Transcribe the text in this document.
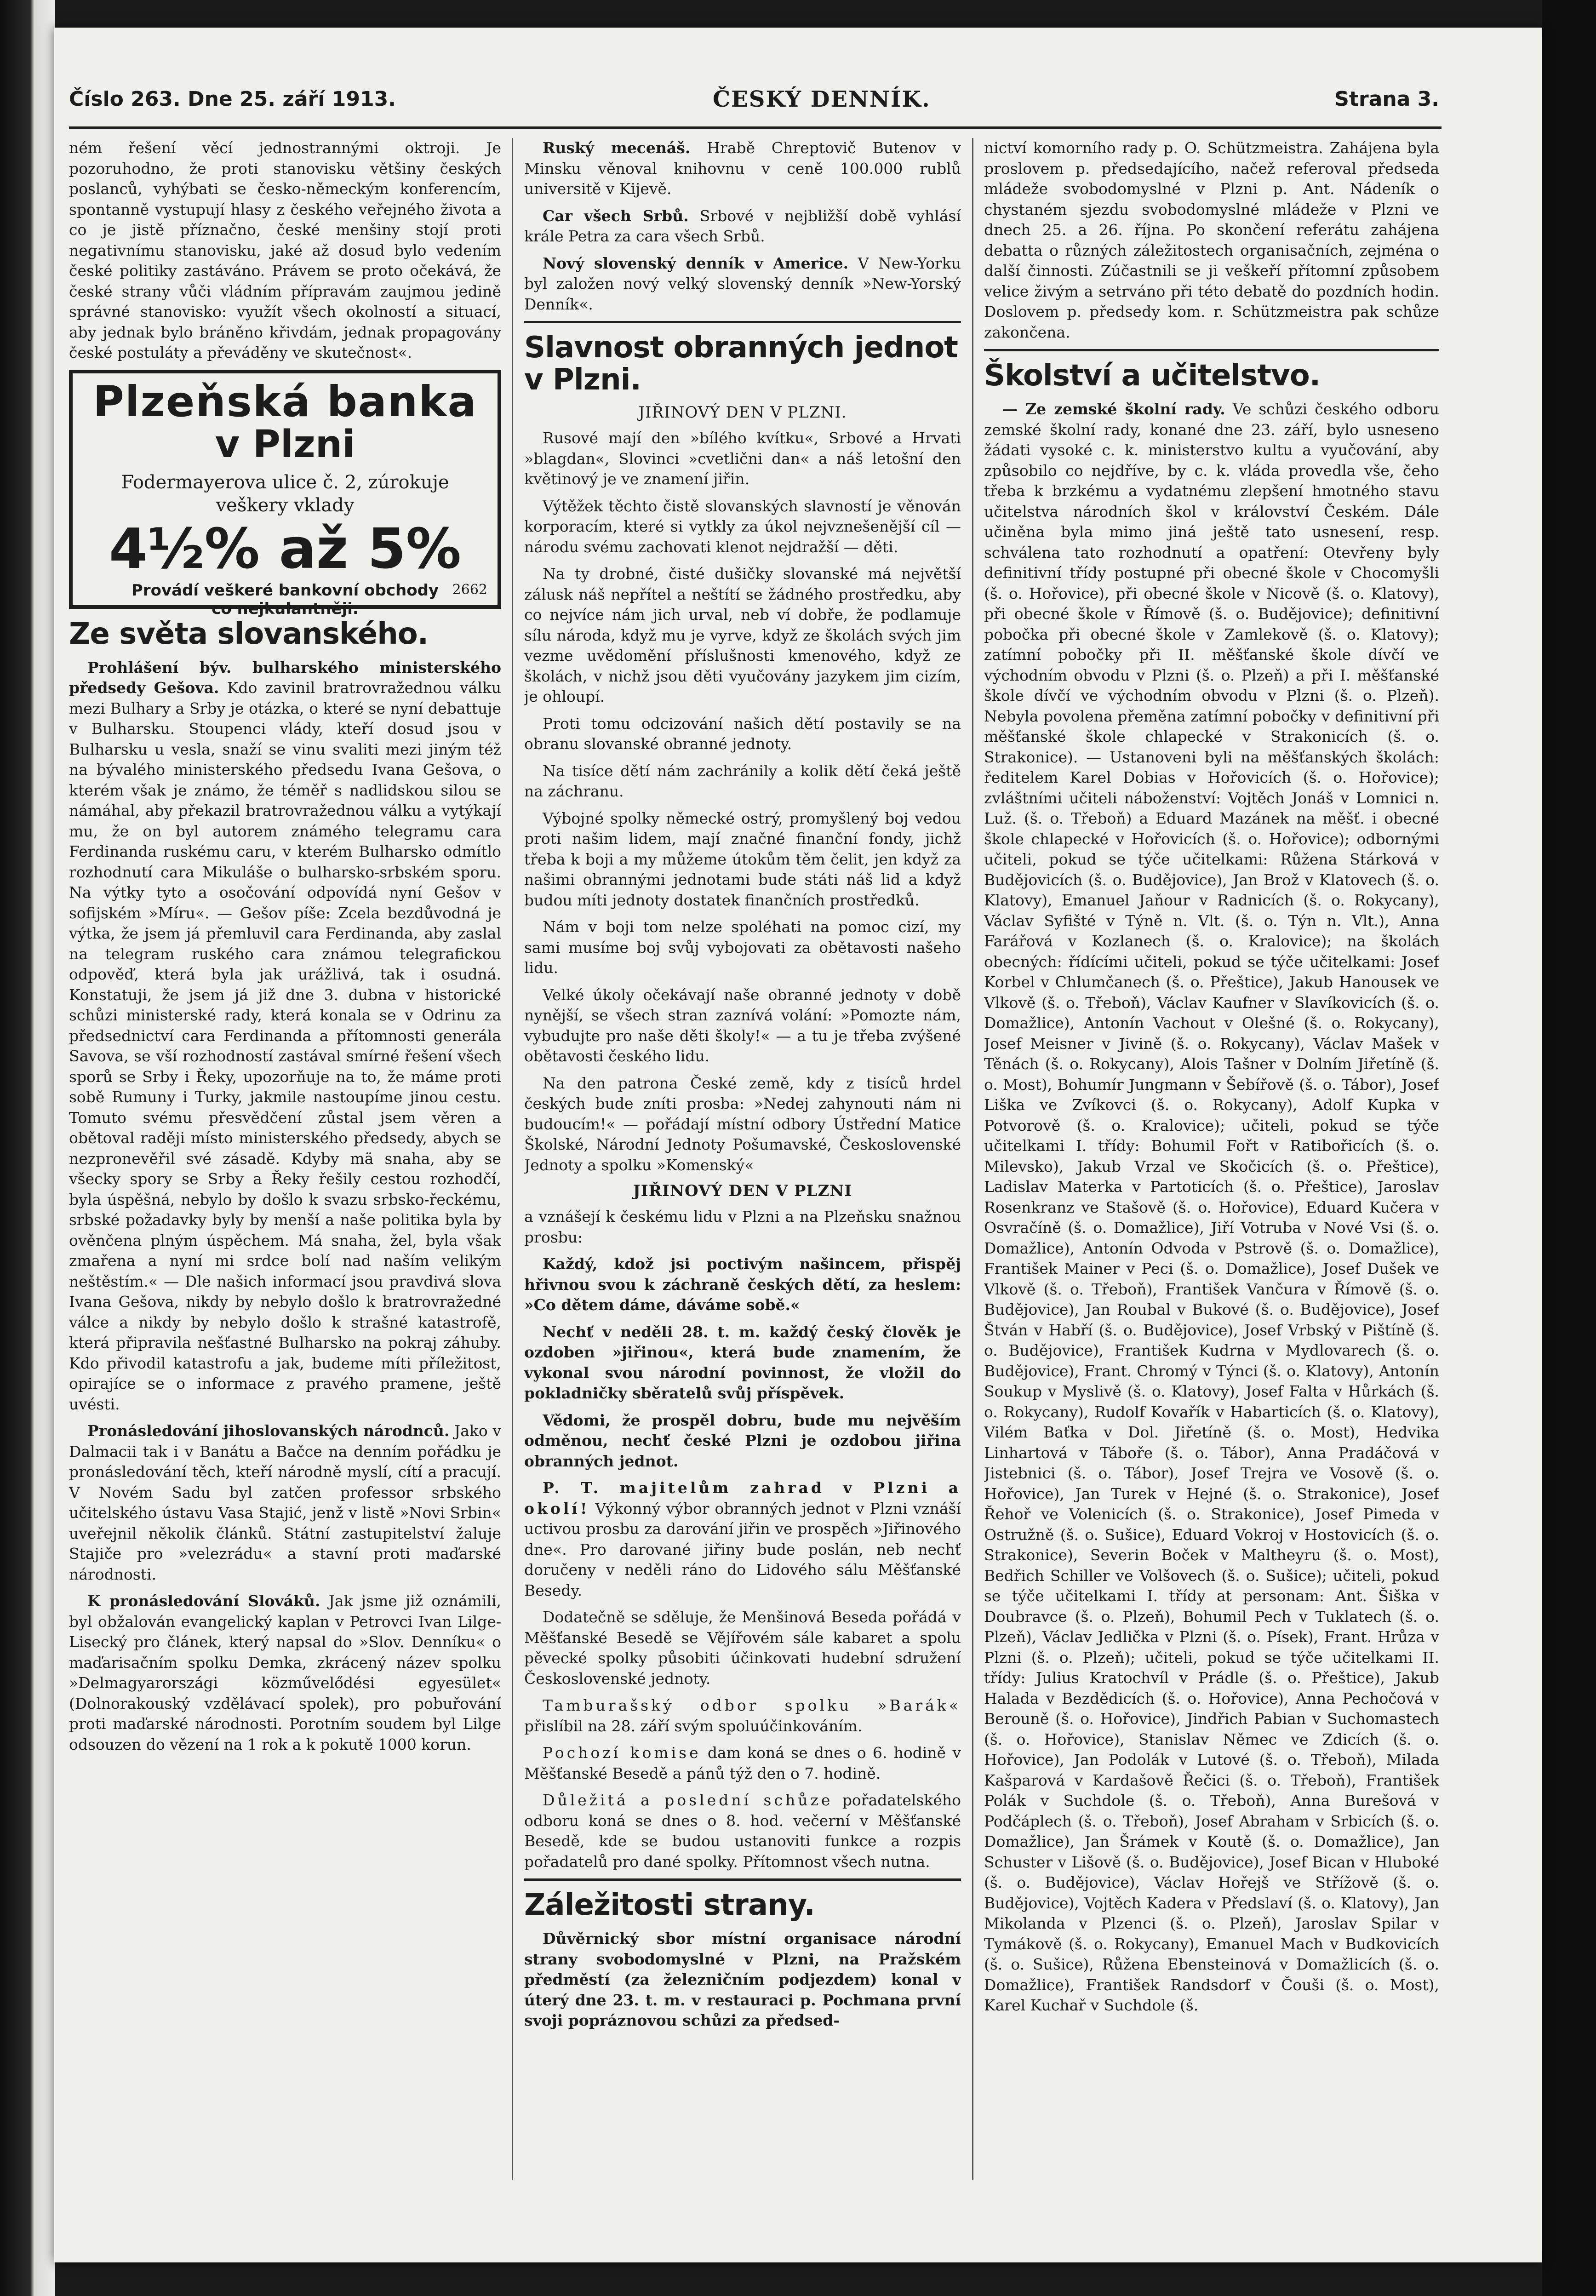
Číslo 263. Dne 25. září 1913.	ČESKÝ DENNÍK.	Strana 3.

ném řešení věcí jednostrannými oktroji. Je pozoruhodno, že proti stanovisku většiny českých poslanců, vyhýbati se česko-německým konferencím, spontanně vystupují hlasy z českého veřejného života a co je jistě příznačno, české menšiny stojí proti negativnímu stanovisku, jaké až dosud bylo vedením české politiky zastáváno. Právem se proto očekává, že české strany vůči vládním přípravám zaujmou jedině správné stanovisko: využít všech okolností a situací, aby jednak bylo bráněno křivdám, jednak propagovány české postuláty a převáděny ve skutečnost«.

Plzeňská banka
v Plzni
Fodermayerova ulice č. 2, zúrokuje
veškery vklady
4½% až 5%
Provádí veškeré bankovní obchody
co nejkulantněji.
2662
Ze světa slovanského.

Prohlášení býv. bulharského ministerského předsedy Gešova. Kdo zavinil bratrovražednou válku mezi Bulhary a Srby je otázka, o které se nyní debattuje v Bulharsku. Stoupenci vlády, kteří dosud jsou v Bulharsku u vesla, snaží se vinu svaliti mezi jiným též na bývalého ministerského předsedu Ivana Gešova, o kterém však je známo, že téměř s nadlidskou silou se námáhal, aby překazil bratrovražednou válku a vytýkají mu, že on byl autorem známého telegramu cara Ferdinanda ruskému caru, v kterém Bulharsko odmítlo rozhodnutí cara Mikuláše o bulharsko-srbském sporu. Na výtky tyto a osočování odpovídá nyní Gešov v sofijském »Míru«. — Gešov píše: Zcela bezdůvodná je výtka, že jsem já přemluvil cara Ferdinanda, aby zaslal na telegram ruského cara známou telegrafickou odpověď, která byla jak urážlivá, tak i osudná. Konstatuji, že jsem já již dne 3. dubna v historické schůzi ministerské rady, která konala se v Odrinu za předsednictví cara Ferdinanda a přítomnosti generála Savova, se vší rozhodností zastával smírné řešení všech sporů se Srby i Řeky, upozorňuje na to, že máme proti sobě Rumuny i Turky, jakmile nastoupíme jinou cestu. Tomuto svému přesvědčení zůstal jsem věren a obětoval raději místo ministerského předsedy, abych se nezpronevěřil své zásadě. Kdyby mä snaha, aby se všecky spory se Srby a Řeky řešily cestou rozhodčí, byla úspěšná, nebylo by došlo k svazu srbsko-řeckému, srbské požadavky byly by menší a naše politika byla by ověnčena plným úspěchem. Má snaha, žel, byla však zmařena a nyní mi srdce bolí nad naším velikým neštěstím.« — Dle našich informací jsou pravdivá slova Ivana Gešova, nikdy by nebylo došlo k bratrovražedné válce a nikdy by nebylo došlo k strašné katastrofě, která připravila nešťastné Bulharsko na pokraj záhuby. Kdo přivodil katastrofu a jak, budeme míti příležitost, opirajíce se o informace z pravého pramene, ještě uvésti.

Pronásledování jihoslovanských národnců. Jako v Dalmacii tak i v Banátu a Bačce na denním pořádku je pronásledování těch, kteří národně myslí, cítí a pracují. V Novém Sadu byl zatčen professor srbského učitelského ústavu Vasa Stajić, jenž v listě »Novi Srbin« uveřejnil několik článků. Státní zastupitelství žaluje Stajiče pro »velezrádu« a stavní proti maďarské národnosti.

K pronásledování Slováků. Jak jsme již oznámili, byl obžalován evangelický kaplan v Petrovci Ivan Lilge-Lisecký pro článek, který napsal do »Slov. Denníku« o maďarisačním spolku Demka, zkrácený název spolku »Delmagyarországi közművelődési egyesület« (Dolnorakouský vzdělávací spolek), pro pobuřování proti maďarské národnosti. Porotním soudem byl Lilge odsouzen do vězení na 1 rok a k pokutě 1000 korun.

Ruský mecenáš. Hrabě Chreptovič Butenov v Minsku věnoval knihovnu v ceně 100.000 rublů universitě v Kijevě.

Car všech Srbů. Srbové v nejbližší době vyhlásí krále Petra za cara všech Srbů.

Nový slovenský denník v Americe. V New-Yorku byl založen nový velký slovenský denník »New-Yorský Denník«.

Slavnost obranných jednot v Plzni.
JIŘINOVÝ DEN V PLZNI.

Rusové mají den »bílého kvítku«, Srbové a Hrvati »blagdan«, Slovinci »cvetlični dan« a náš letošní den květinový je ve znamení jiřin.

Výtěžek těchto čistě slovanských slavností je věnován korporacím, které si vytkly za úkol nejvznešenější cíl — národu svému zachovati klenot nejdražší — děti.

Na ty drobné, čisté dušičky slovanské má největší zálusk náš nepřítel a neštítí se žádného prostředku, aby co nejvíce nám jich urval, neb ví dobře, že podlamuje sílu národa, když mu je vyrve, když ze školách svých jim vezme uvědomění příslušnosti kmenového, když ze školách, v nichž jsou děti vyučovány jazykem jim cizím, je ohloupí.

Proti tomu odcizování našich dětí postavily se na obranu slovanské obranné jednoty.

Na tisíce dětí nám zachránily a kolik dětí čeká ještě na záchranu.

Výbojné spolky německé ostrý, promyšlený boj vedou proti našim lidem, mají značné finanční fondy, jichž třeba k boji a my můžeme útokům těm čelit, jen když za našimi obrannými jednotami bude státi náš lid a když budou míti jednoty dostatek finančních prostředků.

Nám v boji tom nelze spoléhati na pomoc cizí, my sami musíme boj svůj vybojovati za obětavosti našeho lidu.

Velké úkoly očekávají naše obranné jednoty v době nynější, se všech stran zaznívá volání: »Pomozte nám, vybudujte pro naše děti školy!« — a tu je třeba zvýšené obětavosti českého lidu.

Na den patrona České země, kdy z tisíců hrdel českých bude zníti prosba: »Nedej zahynouti nám ni budoucím!« — pořádají místní odbory Ústřední Matice Školské, Národní Jednoty Pošumavské, Československé Jednoty a spolku »Komenský«

JIŘINOVÝ DEN V PLZNI

a vznášejí k českému lidu v Plzni a na Plzeňsku snažnou prosbu:

Každý, kdož jsi poctivým našincem, přispěj hřivnou svou k záchraně českých dětí, za heslem: »Co dětem dáme, dáváme sobě.«

Nechť v neděli 28. t. m. každý český člověk je ozdoben »jiřinou«, která bude znamením, že vykonal svou národní povinnost, že vložil do pokladničky sběratelů svůj příspěvek.

Vědomi, že prospěl dobru, bude mu nejvěším odměnou, nechť české Plzni je ozdobou jiřina obranných jednot.

P. T. majitelům zahrad v Plzni a okolí! Výkonný výbor obranných jednot v Plzni vznáší uctivou prosbu za darování jiřin ve prospěch »Jiřinového dne«. Pro darované jiřiny bude poslán, neb nechť doručeny v neděli ráno do Lidového sálu Měšťanské Besedy.

Dodatečně se sděluje, že Menšinová Beseda pořádá v Měšťanské Besedě se Vějířovém sále kabaret a spolu pěvecké spolky působiti účinkovati hudební sdružení Československé jednoty.

Tamburašský odbor spolku »Barák« přislíbil na 28. září svým spoluúčinkováním.

Pochozí komise dam koná se dnes o 6. hodině v Měšťanské Besedě a pánů týž den o 7. hodině.

Důležitá a poslední schůze pořadatelského odboru koná se dnes o 8. hod. večerní v Měšťanské Besedě, kde se budou ustanoviti funkce a rozpis pořadatelů pro dané spolky. Přítomnost všech nutna.

Záležitosti strany.

Důvěrnický sbor místní organisace národní strany svobodomyslné v Plzni, na Pražském předměstí (za železničním podjezdem) konal v úterý dne 23. t. m. v restauraci p. Pochmana první svoji popráznovou schůzi za předsed-

nictví komorního rady p. O. Schützmeistra. Zahájena byla proslovem p. předsedajícího, načež referoval předseda mládeže svobodomyslné v Plzni p. Ant. Nádeník o chystaném sjezdu svobodomyslné mládeže v Plzni ve dnech 25. a 26. října. Po skončení referátu zahájena debatta o různých záležitostech organisačních, zejména o další činnosti. Zúčastnili se ji veškeří přítomní způsobem velice živým a setrváno při této debatě do pozdních hodin. Doslovem p. předsedy kom. r. Schützmeistra pak schůze zakončena.

Školství a učitelstvo.

— Ze zemské školní rady. Ve schůzi českého odboru zemské školní rady, konané dne 23. září, bylo usneseno žádati vysoké c. k. ministerstvo kultu a vyučování, aby způsobilo co nejdříve, by c. k. vláda provedla vše, čeho třeba k brzkému a vydatnému zlepšení hmotného stavu učitelstva národních škol v království Českém. Dále učiněna byla mimo jiná ještě tato usnesení, resp. schválena tato rozhodnutí a opatření: Otevřeny byly definitivní třídy postupné při obecné škole v Chocomyšli (š. o. Hořovice), při obecné škole v Nicově (š. o. Klatovy), při obecné škole v Římově (š. o. Budějovice); definitivní pobočka při obecné škole v Zamlekově (š. o. Klatovy); zatímní pobočky při II. měšťanské škole dívčí ve východním obvodu v Plzni (š. o. Plzeň) a při I. měšťanské škole dívčí ve východním obvodu v Plzni (š. o. Plzeň). Nebyla povolena přeměna zatímní pobočky v definitivní při měšťanské škole chlapecké v Strakonicích (š. o. Strakonice). — Ustanoveni byli na měšťanských školách: ředitelem Karel Dobias v Hořovicích (š. o. Hořovice); zvláštními učiteli náboženství: Vojtěch Jonáš v Lomnici n. Luž. (š. o. Třeboň) a Eduard Mazánek na měšť. i obecné škole chlapecké v Hořovicích (š. o. Hořovice); odbornými učiteli, pokud se týče učitelkami: Růžena Stárková v Budějovicích (š. o. Budějovice), Jan Brož v Klatovech (š. o. Klatovy), Emanuel Jaňour v Radnicích (š. o. Rokycany), Václav Syfišté v Týně n. Vlt. (š. o. Týn n. Vlt.), Anna Farářová v Kozlanech (š. o. Kralovice); na školách obecných: řídícími učiteli, pokud se týče učitelkami: Josef Korbel v Chlumčanech (š. o. Přeštice), Jakub Hanousek ve Vlkově (š. o. Třeboň), Václav Kaufner v Slavíkovicích (š. o. Domažlice), Antonín Vachout v Olešné (š. o. Rokycany), Josef Meisner v Jivině (š. o. Rokycany), Václav Mašek v Těnách (š. o. Rokycany), Alois Tašner v Dolním Jiřetíně (š. o. Most), Bohumír Jungmann v Šebířově (š. o. Tábor), Josef Liška ve Zvíkovci (š. o. Rokycany), Adolf Kupka v Potvorově (š. o. Kralovice); učiteli, pokud se týče učitelkami I. třídy: Bohumil Fořt v Ratibořicích (š. o. Milevsko), Jakub Vrzal ve Skočicích (š. o. Přeštice), Ladislav Materka v Partoticích (š. o. Přeštice), Jaroslav Rosenkranz ve Stašově (š. o. Hořovice), Eduard Kučera v Osvračíně (š. o. Domažlice), Jiří Votruba v Nové Vsi (š. o. Domažlice), Antonín Odvoda v Pstrově (š. o. Domažlice), František Mainer v Peci (š. o. Domažlice), Josef Dušek ve Vlkově (š. o. Třeboň), František Vančura v Římově (š. o. Budějovice), Jan Roubal v Bukové (š. o. Budějovice), Josef Štván v Habří (š. o. Budějovice), Josef Vrbský v Pištíně (š. o. Budějovice), František Kudrna v Mydlovarech (š. o. Budějovice), Frant. Chromý v Týnci (š. o. Klatovy), Antonín Soukup v Myslivě (š. o. Klatovy), Josef Falta v Hůrkách (š. o. Rokycany), Rudolf Kovařík v Habarticích (š. o. Klatovy), Vilém Baťka v Dol. Jiřetíně (š. o. Most), Hedvika Linhartová v Táboře (š. o. Tábor), Anna Pradáčová v Jistebnici (š. o. Tábor), Josef Trejra ve Vosově (š. o. Hořovice), Jan Turek v Hejné (š. o. Strakonice), Josef Řehoř ve Volenicích (š. o. Strakonice), Josef Pimeda v Ostružně (š. o. Sušice), Eduard Vokroj v Hostovicích (š. o. Strakonice), Severin Boček v Maltheyru (š. o. Most), Bedřich Schiller ve Volšovech (š. o. Sušice); učiteli, pokud se týče učitelkami I. třídy at personam: Ant. Šiška v Doubravce (š. o. Plzeň), Bohumil Pech v Tuklatech (š. o. Plzeň), Václav Jedlička v Plzni (š. o. Písek), Frant. Hrůza v Plzni (š. o. Plzeň); učiteli, pokud se týče učitelkami II. třídy: Julius Kratochvíl v Prádle (š. o. Přeštice), Jakub Halada v Bezdědicích (š. o. Hořovice), Anna Pechočová v Berouně (š. o. Hořovice), Jindřich Pabian v Suchomastech (š. o. Hořovice), Stanislav Němec ve Zdicích (š. o. Hořovice), Jan Podolák v Lutové (š. o. Třeboň), Milada Kašparová v Kardašově Řečici (š. o. Třeboň), František Polák v Suchdole (š. o. Třeboň), Anna Burešová v Podčáplech (š. o. Třeboň), Josef Abraham v Srbicích (š. o. Domažlice), Jan Šrámek v Koutě (š. o. Domažlice), Jan Schuster v Lišově (š. o. Budějovice), Josef Bican v Hluboké (š. o. Budějovice), Václav Hořejš ve Střížově (š. o. Budějovice), Vojtěch Kadera v Předslaví (š. o. Klatovy), Jan Mikolanda v Plzenci (š. o. Plzeň), Jaroslav Spilar v Tymákově (š. o. Rokycany), Emanuel Mach v Budkovicích (š. o. Sušice), Růžena Ebensteinová v Domažlicích (š. o. Domažlice), František Randsdorf v Čouši (š. o. Most), Karel Kuchař v Suchdole (š.
